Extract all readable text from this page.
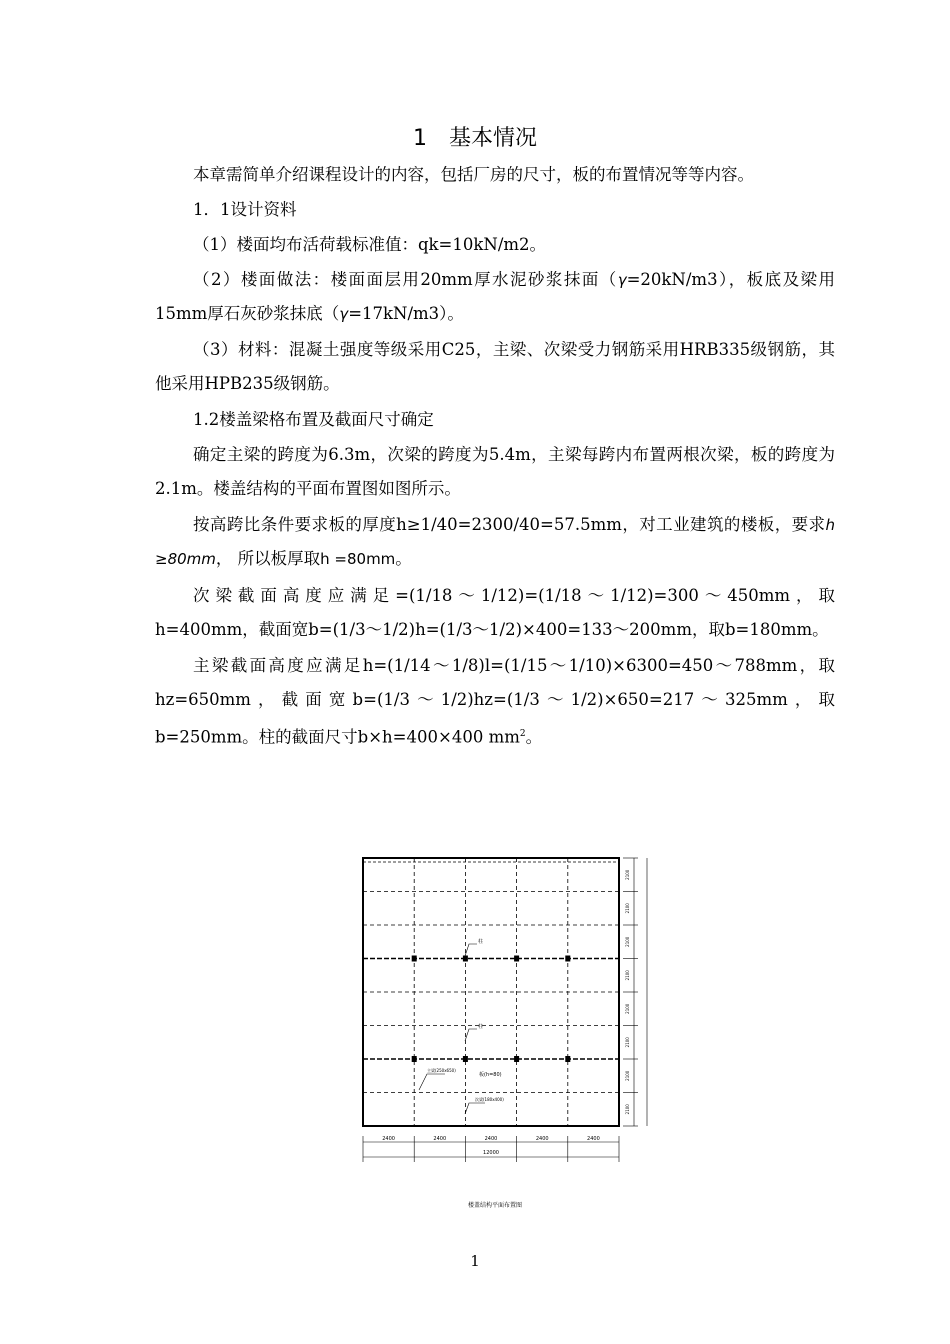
1 基本情况

本章需简单介绍课程设计的内容，包括厂房的尺寸，板的布置情况等等内容。

1．1设计资料

（1）楼面均布活荷载标准值：qk=10kN/m2。

（2）楼面做法：楼面面层用20mm厚水泥砂浆抹面（γ=20kN/m3），板底及梁用15mm厚石灰砂浆抹底（γ=17kN/m3）。

（3）材料：混凝土强度等级采用C25，主梁、次梁受力钢筋采用HRB335级钢筋，其他采用HPB235级钢筋。

1.2楼盖梁格布置及截面尺寸确定

确定主梁的跨度为6.3m，次梁的跨度为5.4m，主梁每跨内布置两根次梁，板的跨度为2.1m。楼盖结构的平面布置图如图所示。

按高跨比条件要求板的厚度h≥1/40=2300/40=57.5mm，对工业建筑的楼板，要求h ≥80mm， 所以板厚取h =80mm。

次梁截面高度应满足=(1/18～1/12)=(1/18～1/12)=300～450mm，取h=400mm，截面宽b=(1/3～1/2)h=(1/3～1/2)×400=133～200mm，取b=180mm。

主梁截面高度应满足h=(1/14～1/8)l=(1/15～1/10)×6300=450～788mm，取hz=650mm，截面宽b=(1/3～1/2)hz=(1/3～1/2)×650=217～325mm，取b=250mm。柱的截面尺寸b×h=400×400 $mm^2$。

柱
柱
主梁(250x650)
次梁(180x400)
板(h=80)
2400	2400	2400	2400	2400
2100
2100
2100
2100
2100
2100
2100
2100
12000
楼盖结构平面布置图
1
